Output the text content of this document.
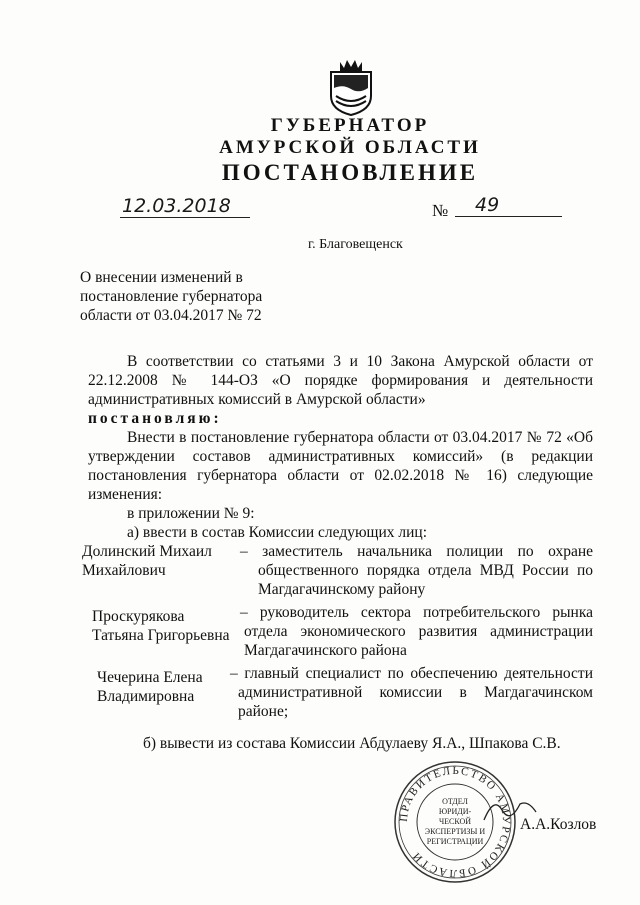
ГУБЕРНАТОР
АМУРСКОЙ ОБЛАСТИ
ПОСТАНОВЛЕНИЕ
12.03.2018	№ 49
г. Благовещенск
О внесении изменений в
постановление губернатора
области от 03.04.2017 № 72
В соответствии со статьями 3 и 10 Закона Амурской области от
22.12.2008 № 144-ОЗ «О порядке формирования и деятельности
административных комиссий в Амурской области»
постановляю:
Внести в постановление губернатора области от 03.04.2017 № 72 «Об
утверждении составов административных комиссий» (в редакции
постановления губернатора области от 02.02.2018 № 16) следующие
изменения:
в приложении № 9:
а) ввести в состав Комиссии следующих лиц:
Долинский Михаил
Михайлович
– заместитель начальника полиции по охране
общественного порядка отдела МВД России по
Магдагачинскому району
Проскурякова
Татьяна Григорьевна
– руководитель сектора потребительского рынка
отдела экономического развития администрации
Магдагачинского района
Чечерина Елена
Владимировна
– главный специалист по обеспечению деятельности
административной комиссии в Магдагачинском
районе;
б) вывести из состава Комиссии Абдулаеву Я.А., Шпакова С.В.
ПРАВИТЕЛЬСТВО АМУРСКОЙ ОБЛАСТИ
ОТДЕЛ
ЮРИДИ-
ЧЕСКОЙ
ЭКСПЕРТИЗЫ И
РЕГИСТРАЦИИ
А.А.Козлов
